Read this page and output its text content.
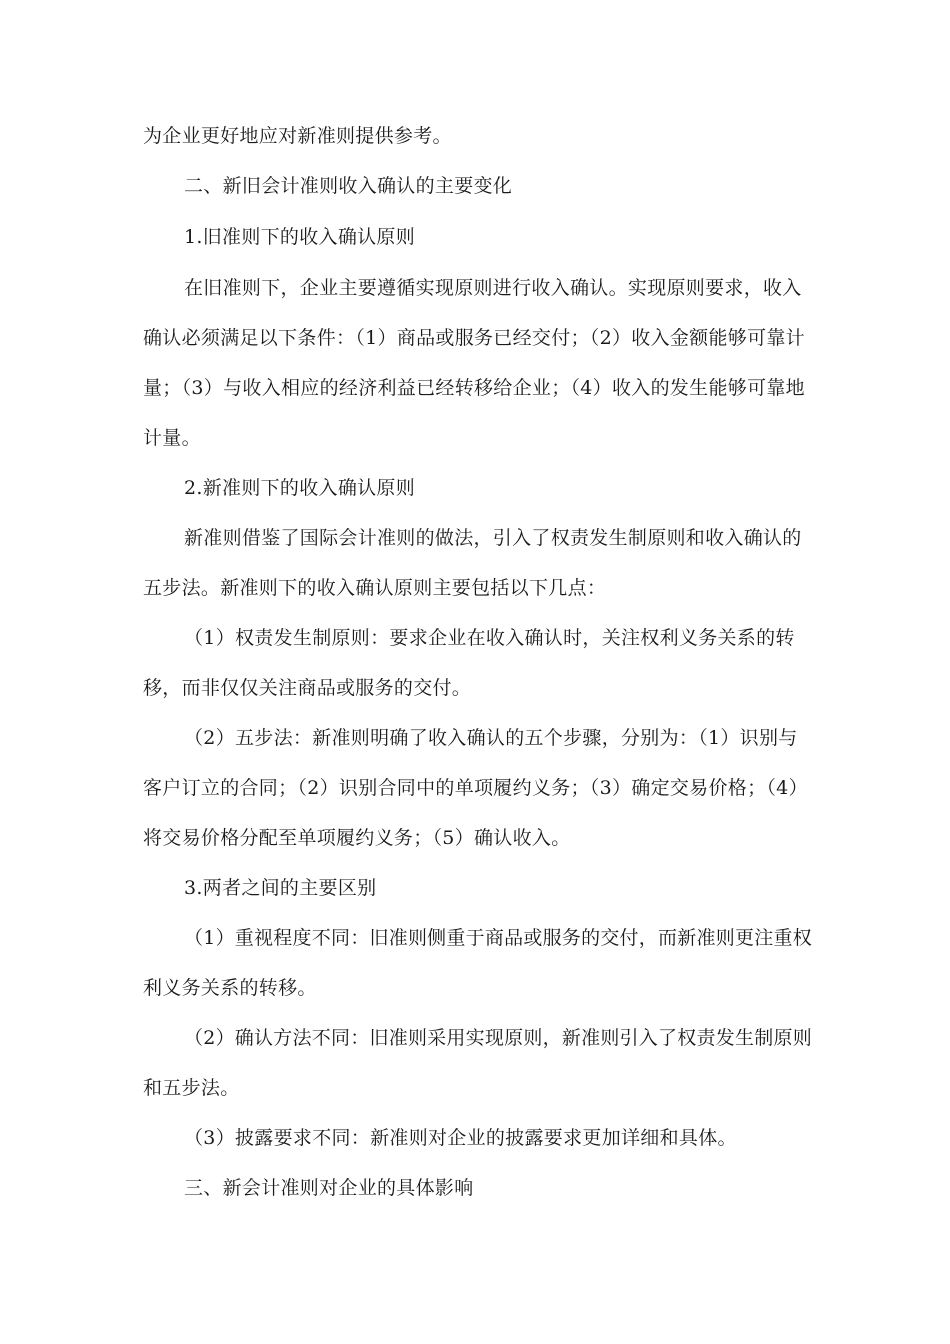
为企业更好地应对新准则提供参考。
二、新旧会计准则收入确认的主要变化
1.旧准则下的收入确认原则
在旧准则下，企业主要遵循实现原则进行收入确认。实现原则要求，收入
确认必须满足以下条件：（1）商品或服务已经交付；（2）收入金额能够可靠计
量；（3）与收入相应的经济利益已经转移给企业；（4）收入的发生能够可靠地
计量。
2.新准则下的收入确认原则
新准则借鉴了国际会计准则的做法，引入了权责发生制原则和收入确认的
五步法。新准则下的收入确认原则主要包括以下几点：
（1）权责发生制原则：要求企业在收入确认时，关注权利义务关系的转
移，而非仅仅关注商品或服务的交付。
（2）五步法：新准则明确了收入确认的五个步骤，分别为：（1）识别与
客户订立的合同；（2）识别合同中的单项履约义务；（3）确定交易价格；（4）
将交易价格分配至单项履约义务；（5）确认收入。
3.两者之间的主要区别
（1）重视程度不同：旧准则侧重于商品或服务的交付，而新准则更注重权
利义务关系的转移。
（2）确认方法不同：旧准则采用实现原则，新准则引入了权责发生制原则
和五步法。
（3）披露要求不同：新准则对企业的披露要求更加详细和具体。
三、新会计准则对企业的具体影响
